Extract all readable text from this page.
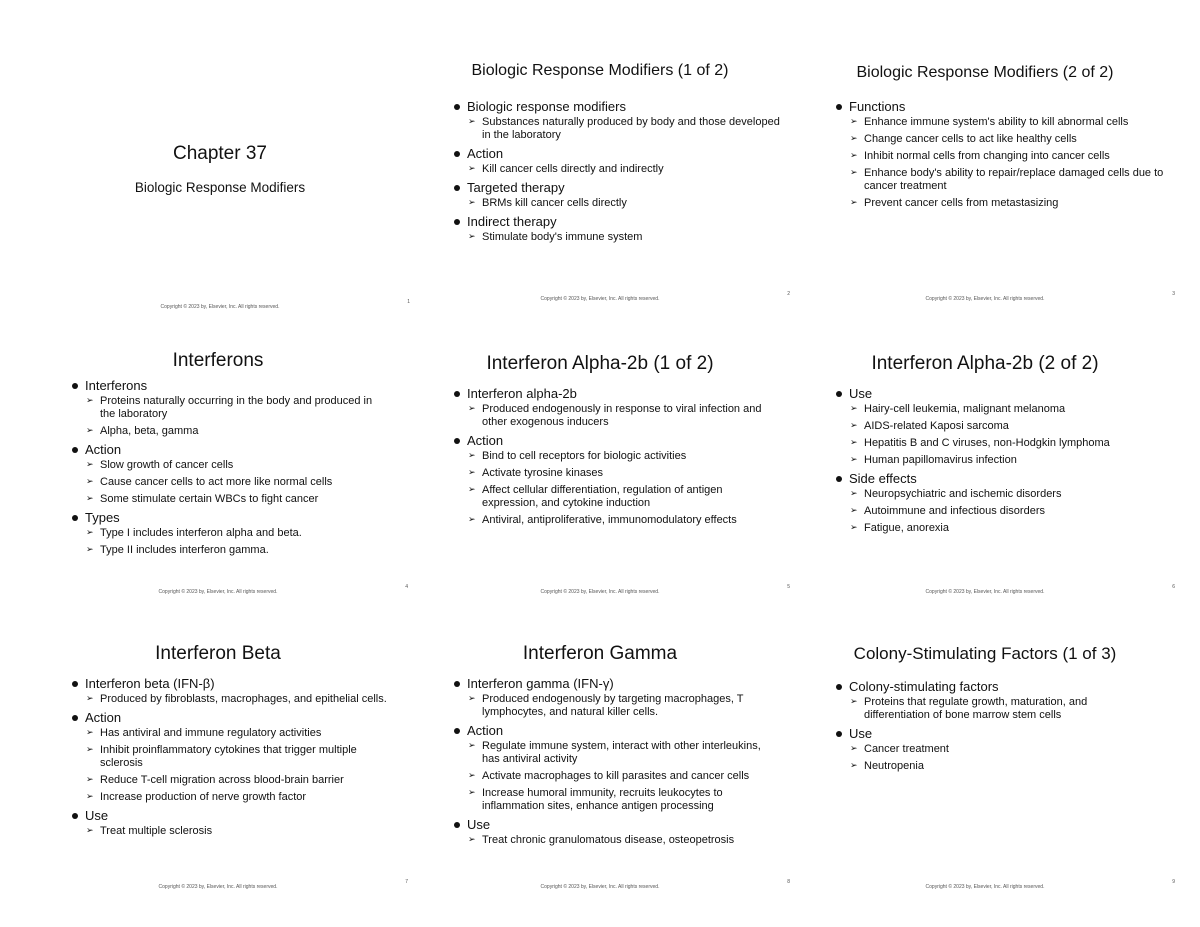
Chapter 37
Biologic Response Modifiers
Copyright © 2023 by, Elsevier, Inc. All rights reserved.
1
Biologic Response Modifiers (1 of 2)
Biologic response modifiers
➢ Substances naturally produced by body and those developed in the laboratory
Action
➢ Kill cancer cells directly and indirectly
Targeted therapy
➢ BRMs kill cancer cells directly
Indirect therapy
➢ Stimulate body's immune system
Copyright © 2023 by, Elsevier, Inc. All rights reserved.
2
Biologic Response Modifiers (2 of 2)
Functions
➢ Enhance immune system's ability to kill abnormal cells
➢ Change cancer cells to act like healthy cells
➢ Inhibit normal cells from changing into cancer cells
➢ Enhance body's ability to repair/replace damaged cells due to cancer treatment
➢ Prevent cancer cells from metastasizing
Copyright © 2023 by, Elsevier, Inc. All rights reserved.
3
Interferons
Interferons
➢ Proteins naturally occurring in the body and produced in the laboratory
➢ Alpha, beta, gamma
Action
➢ Slow growth of cancer cells
➢ Cause cancer cells to act more like normal cells
➢ Some stimulate certain WBCs to fight cancer
Types
➢ Type I includes interferon alpha and beta.
➢ Type II includes interferon gamma.
Copyright © 2023 by, Elsevier, Inc. All rights reserved.
4
Interferon Alpha-2b (1 of 2)
Interferon alpha-2b
➢ Produced endogenously in response to viral infection and other exogenous inducers
Action
➢ Bind to cell receptors for biologic activities
➢ Activate tyrosine kinases
➢ Affect cellular differentiation, regulation of antigen expression, and cytokine induction
➢ Antiviral, antiproliferative, immunomodulatory effects
Copyright © 2023 by, Elsevier, Inc. All rights reserved.
5
Interferon Alpha-2b (2 of 2)
Use
➢ Hairy-cell leukemia, malignant melanoma
➢ AIDS-related Kaposi sarcoma
➢ Hepatitis B and C viruses, non-Hodgkin lymphoma
➢ Human papillomavirus infection
Side effects
➢ Neuropsychiatric and ischemic disorders
➢ Autoimmune and infectious disorders
➢ Fatigue, anorexia
Copyright © 2023 by, Elsevier, Inc. All rights reserved.
6
Interferon Beta
Interferon beta (IFN-β)
➢ Produced by fibroblasts, macrophages, and epithelial cells.
Action
➢ Has antiviral and immune regulatory activities
➢ Inhibit proinflammatory cytokines that trigger multiple sclerosis
➢ Reduce T-cell migration across blood-brain barrier
➢ Increase production of nerve growth factor
Use
➢ Treat multiple sclerosis
Copyright © 2023 by, Elsevier, Inc. All rights reserved.
7
Interferon Gamma
Interferon gamma (IFN-γ)
➢ Produced endogenously by targeting macrophages, T lymphocytes, and natural killer cells.
Action
➢ Regulate immune system, interact with other interleukins, has antiviral activity
➢ Activate macrophages to kill parasites and cancer cells
➢ Increase humoral immunity, recruits leukocytes to inflammation sites, enhance antigen processing
Use
➢ Treat chronic granulomatous disease, osteopetrosis
Copyright © 2023 by, Elsevier, Inc. All rights reserved.
8
Colony-Stimulating Factors (1 of 3)
Colony-stimulating factors
➢ Proteins that regulate growth, maturation, and differentiation of bone marrow stem cells
Use
➢ Cancer treatment
➢ Neutropenia
Copyright © 2023 by, Elsevier, Inc. All rights reserved.
9
